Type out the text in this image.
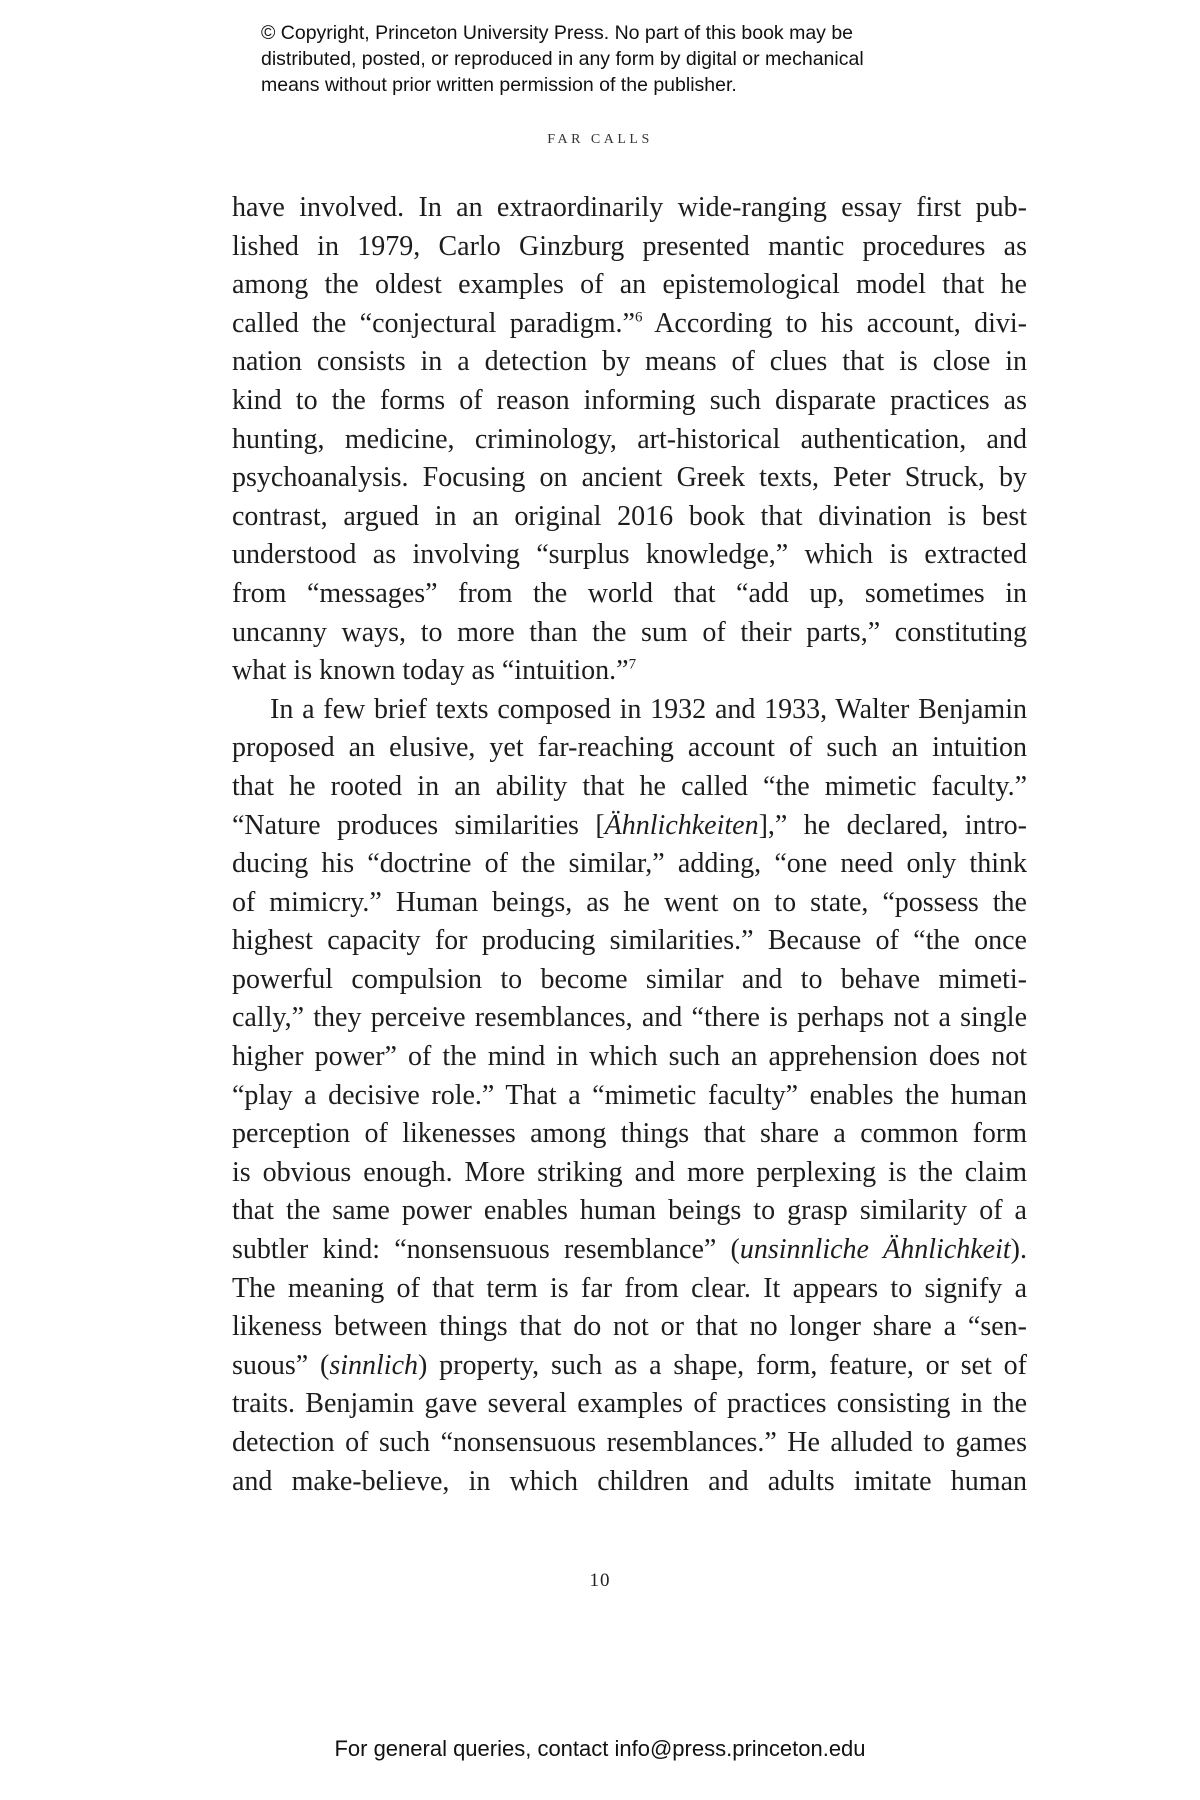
© Copyright, Princeton University Press. No part of this book may be
distributed, posted, or reproduced in any form by digital or mechanical
means without prior written permission of the publisher.
FAR CALLS
have involved. In an extraordinarily wide-ranging essay first pub-
lished in 1979, Carlo Ginzburg presented mantic procedures as
among the oldest examples of an epistemological model that he
called the “conjectural paradigm.”$^6$ According to his account, divi-
nation consists in a detection by means of clues that is close in
kind to the forms of reason informing such disparate practices as
hunting, medicine, criminology, art-historical authentication, and
psychoanalysis. Focusing on ancient Greek texts, Peter Struck, by
contrast, argued in an original 2016 book that divination is best
understood as involving “surplus knowledge,” which is extracted
from “messages” from the world that “add up, sometimes in
uncanny ways, to more than the sum of their parts,” constituting
what is known today as “intuition.”$^7$
In a few brief texts composed in 1932 and 1933, Walter Benjamin
proposed an elusive, yet far-reaching account of such an intuition
that he rooted in an ability that he called “the mimetic faculty.”
“Nature produces similarities [Ähnlichkeiten],” he declared, intro-
ducing his “doctrine of the similar,” adding, “one need only think
of mimicry.” Human beings, as he went on to state, “possess the
highest capacity for producing similarities.” Because of “the once
powerful compulsion to become similar and to behave mimeti-
cally,” they perceive resemblances, and “there is perhaps not a single
higher power” of the mind in which such an apprehension does not
“play a decisive role.” That a “mimetic faculty” enables the human
perception of likenesses among things that share a common form
is obvious enough. More striking and more perplexing is the claim
that the same power enables human beings to grasp similarity of a
subtler kind: “nonsensuous resemblance” (unsinnliche Ähnlichkeit).
The meaning of that term is far from clear. It appears to signify a
likeness between things that do not or that no longer share a “sen-
suous” (sinnlich) property, such as a shape, form, feature, or set of
traits. Benjamin gave several examples of practices consisting in the
detection of such “nonsensuous resemblances.” He alluded to games
and make-believe, in which children and adults imitate human
10
For general queries, contact info@press.princeton.edu
